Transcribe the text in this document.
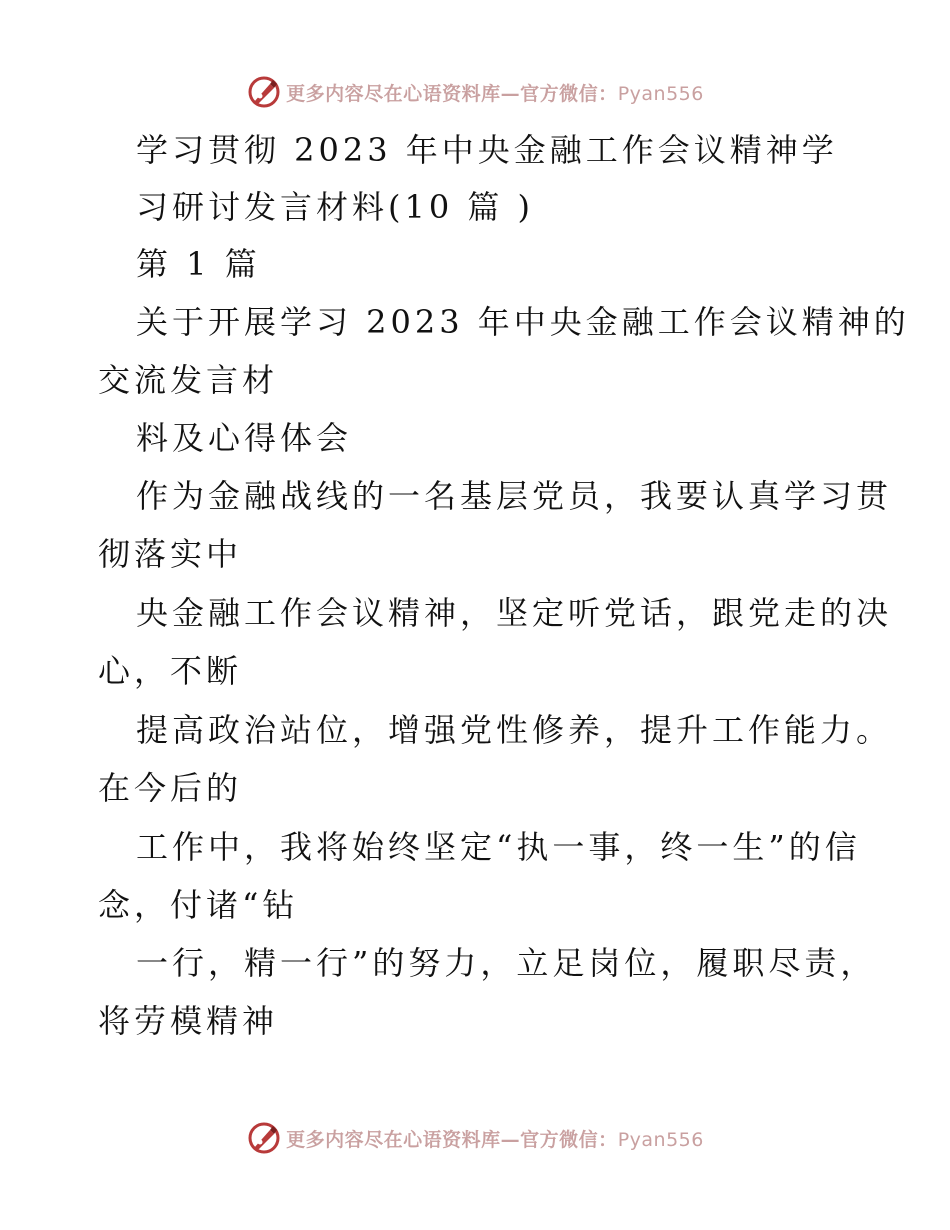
更多内容尽在心语资料库—官方微信：Pyan556
学习贯彻 2023 年中央金融工作会议精神学
习研讨发言材料(10 篇 )
第 1 篇
关于开展学习 2023 年中央金融工作会议精神的
交流发言材
料及心得体会
作为金融战线的一名基层党员，我要认真学习贯
彻落实中
央金融工作会议精神，坚定听党话，跟党走的决
心，不断
提高政治站位，增强党性修养，提升工作能力。
在今后的
工作中，我将始终坚定“执一事，终一生”的信
念，付诸“钻
一行，精一行”的努力，立足岗位，履职尽责，
将劳模精神
更多内容尽在心语资料库—官方微信：Pyan556
